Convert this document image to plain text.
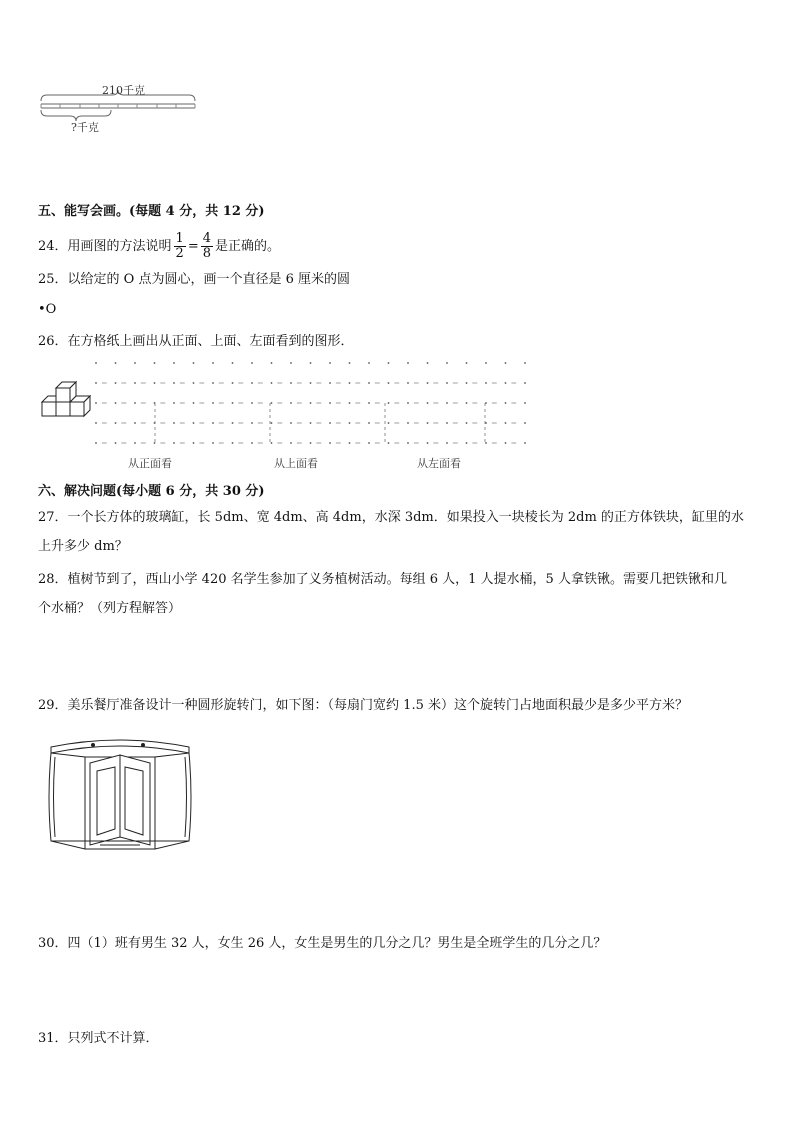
210千克
?千克
五、能写会画。(每题 4 分，共 12 分)
24．用画图的方法说明 $\frac{1}{2} = \frac{4}{8}$ 是正确的。
25．以给定的 O 点为圆心，画一个直径是 6 厘米的圆
•O
26．在方格纸上画出从正面、上面、左面看到的图形．
从正面看	从上面看	从左面看
六、解决问题(每小题 6 分，共 30 分)
27．一个长方体的玻璃缸，长 5dm、宽 4dm、高 4dm，水深 3dm．如果投入一块棱长为 2dm 的正方体铁块，缸里的水
上升多少 dm？
28．植树节到了，西山小学 420 名学生参加了义务植树活动。每组 6 人，1 人提水桶，5 人拿铁锹。需要几把铁锹和几
个水桶？（列方程解答）
29．美乐餐厅准备设计一种圆形旋转门，如下图：（每扇门宽约 1.5 米）这个旋转门占地面积最少是多少平方米？
30．四（1）班有男生 32 人，女生 26 人，女生是男生的几分之几？男生是全班学生的几分之几？
31．只列式不计算．
